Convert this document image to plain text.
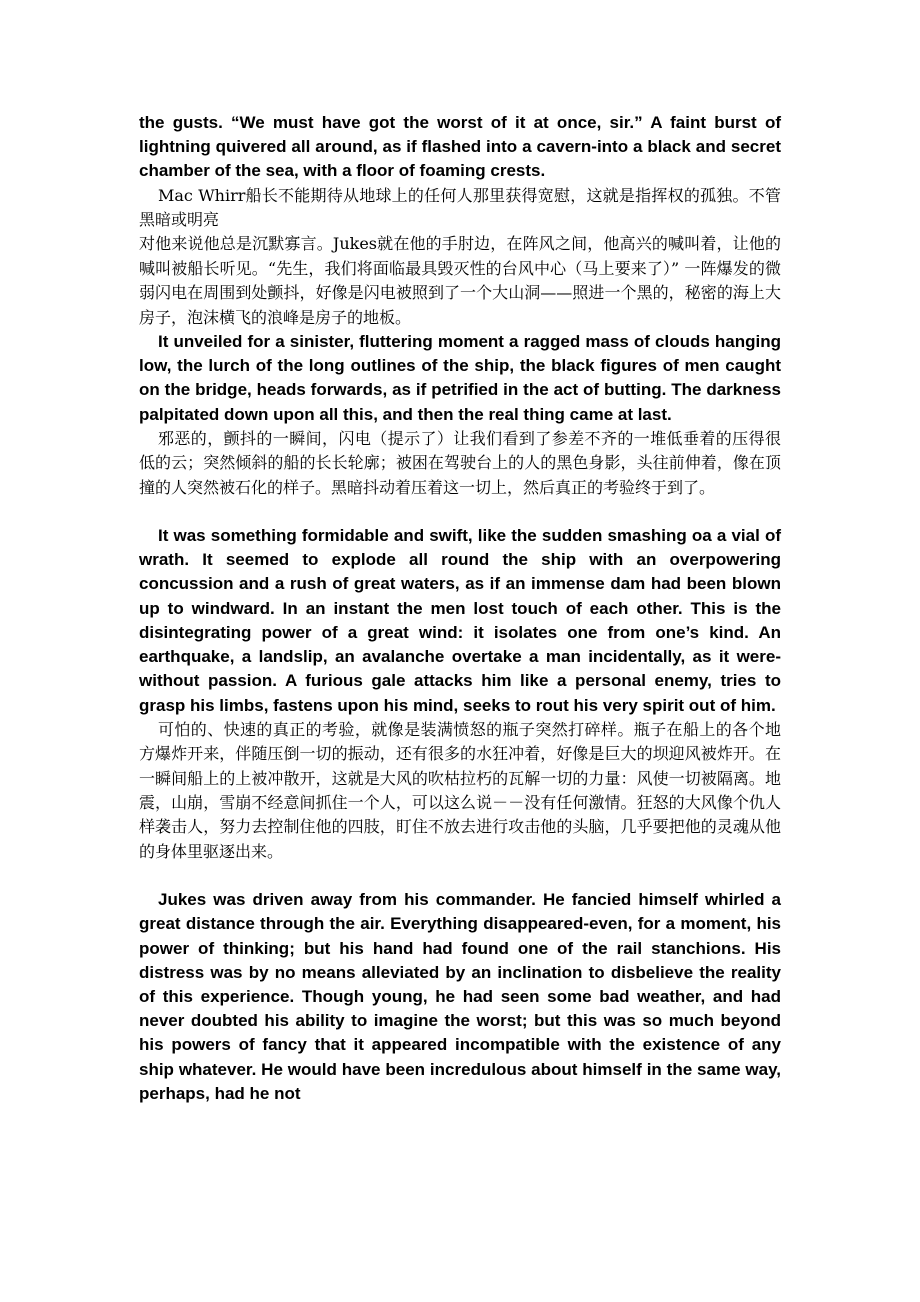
the gusts. “We must have got the worst of it at once, sir.” A faint burst of lightning quivered all around, as if flashed into a cavern-into a black and secret chamber of the sea, with a floor of foaming crests.

Mac Whirr船长不能期待从地球上的任何人那里获得宽慰，这就是指挥权的孤独。不管黑暗或明亮

对他来说他总是沉默寡言。Jukes就在他的手肘边，在阵风之间，他高兴的喊叫着，让他的喊叫被船长听见。“先生，我们将面临最具毁灭性的台风中心（马上要来了）” 一阵爆发的微弱闪电在周围到处颤抖，好像是闪电被照到了一个大山洞——照进一个黑的，秘密的海上大房子，泡沫横飞的浪峰是房子的地板。

It unveiled for a sinister, fluttering moment a ragged mass of clouds hanging low, the lurch of the long outlines of the ship, the black figures of men caught on the bridge, heads forwards, as if petrified in the act of butting. The darkness palpitated down upon all this, and then the real thing came at last.

邪恶的，颤抖的一瞬间，闪电（提示了）让我们看到了参差不齐的一堆低垂着的压得很低的云；突然倾斜的船的长长轮廓；被困在驾驶台上的人的黑色身影，头往前伸着，像在顶撞的人突然被石化的样子。黑暗抖动着压着这一切上，然后真正的考验终于到了。

It was something formidable and swift, like the sudden smashing oa a vial of wrath. It seemed to explode all round the ship with an overpowering concussion and a rush of great waters, as if an immense dam had been blown up to windward. In an instant the men lost touch of each other. This is the disintegrating power of a great wind: it isolates one from one’s kind. An earthquake, a landslip, an avalanche overtake a man incidentally, as it were-without passion. A furious gale attacks him like a personal enemy, tries to grasp his limbs, fastens upon his mind, seeks to rout his very spirit out of him.

可怕的、快速的真正的考验，就像是装满愤怒的瓶子突然打碎样。瓶子在船上的各个地方爆炸开来，伴随压倒一切的振动，还有很多的水狂冲着，好像是巨大的坝迎风被炸开。在一瞬间船上的上被冲散开，这就是大风的吹枯拉朽的瓦解一切的力量：风使一切被隔离。地震，山崩，雪崩不经意间抓住一个人，可以这么说－－没有任何激情。狂怒的大风像个仇人样袭击人，努力去控制住他的四肢，盯住不放去进行攻击他的头脑，几乎要把他的灵魂从他的身体里驱逐出来。

Jukes was driven away from his commander. He fancied himself whirled a great distance through the air. Everything disappeared-even, for a moment, his power of thinking; but his hand had found one of the rail stanchions. His distress was by no means alleviated by an inclination to disbelieve the reality of this experience. Though young, he had seen some bad weather, and had never doubted his ability to imagine the worst; but this was so much beyond his powers of fancy that it appeared incompatible with the existence of any ship whatever. He would have been incredulous about himself in the same way, perhaps, had he not
